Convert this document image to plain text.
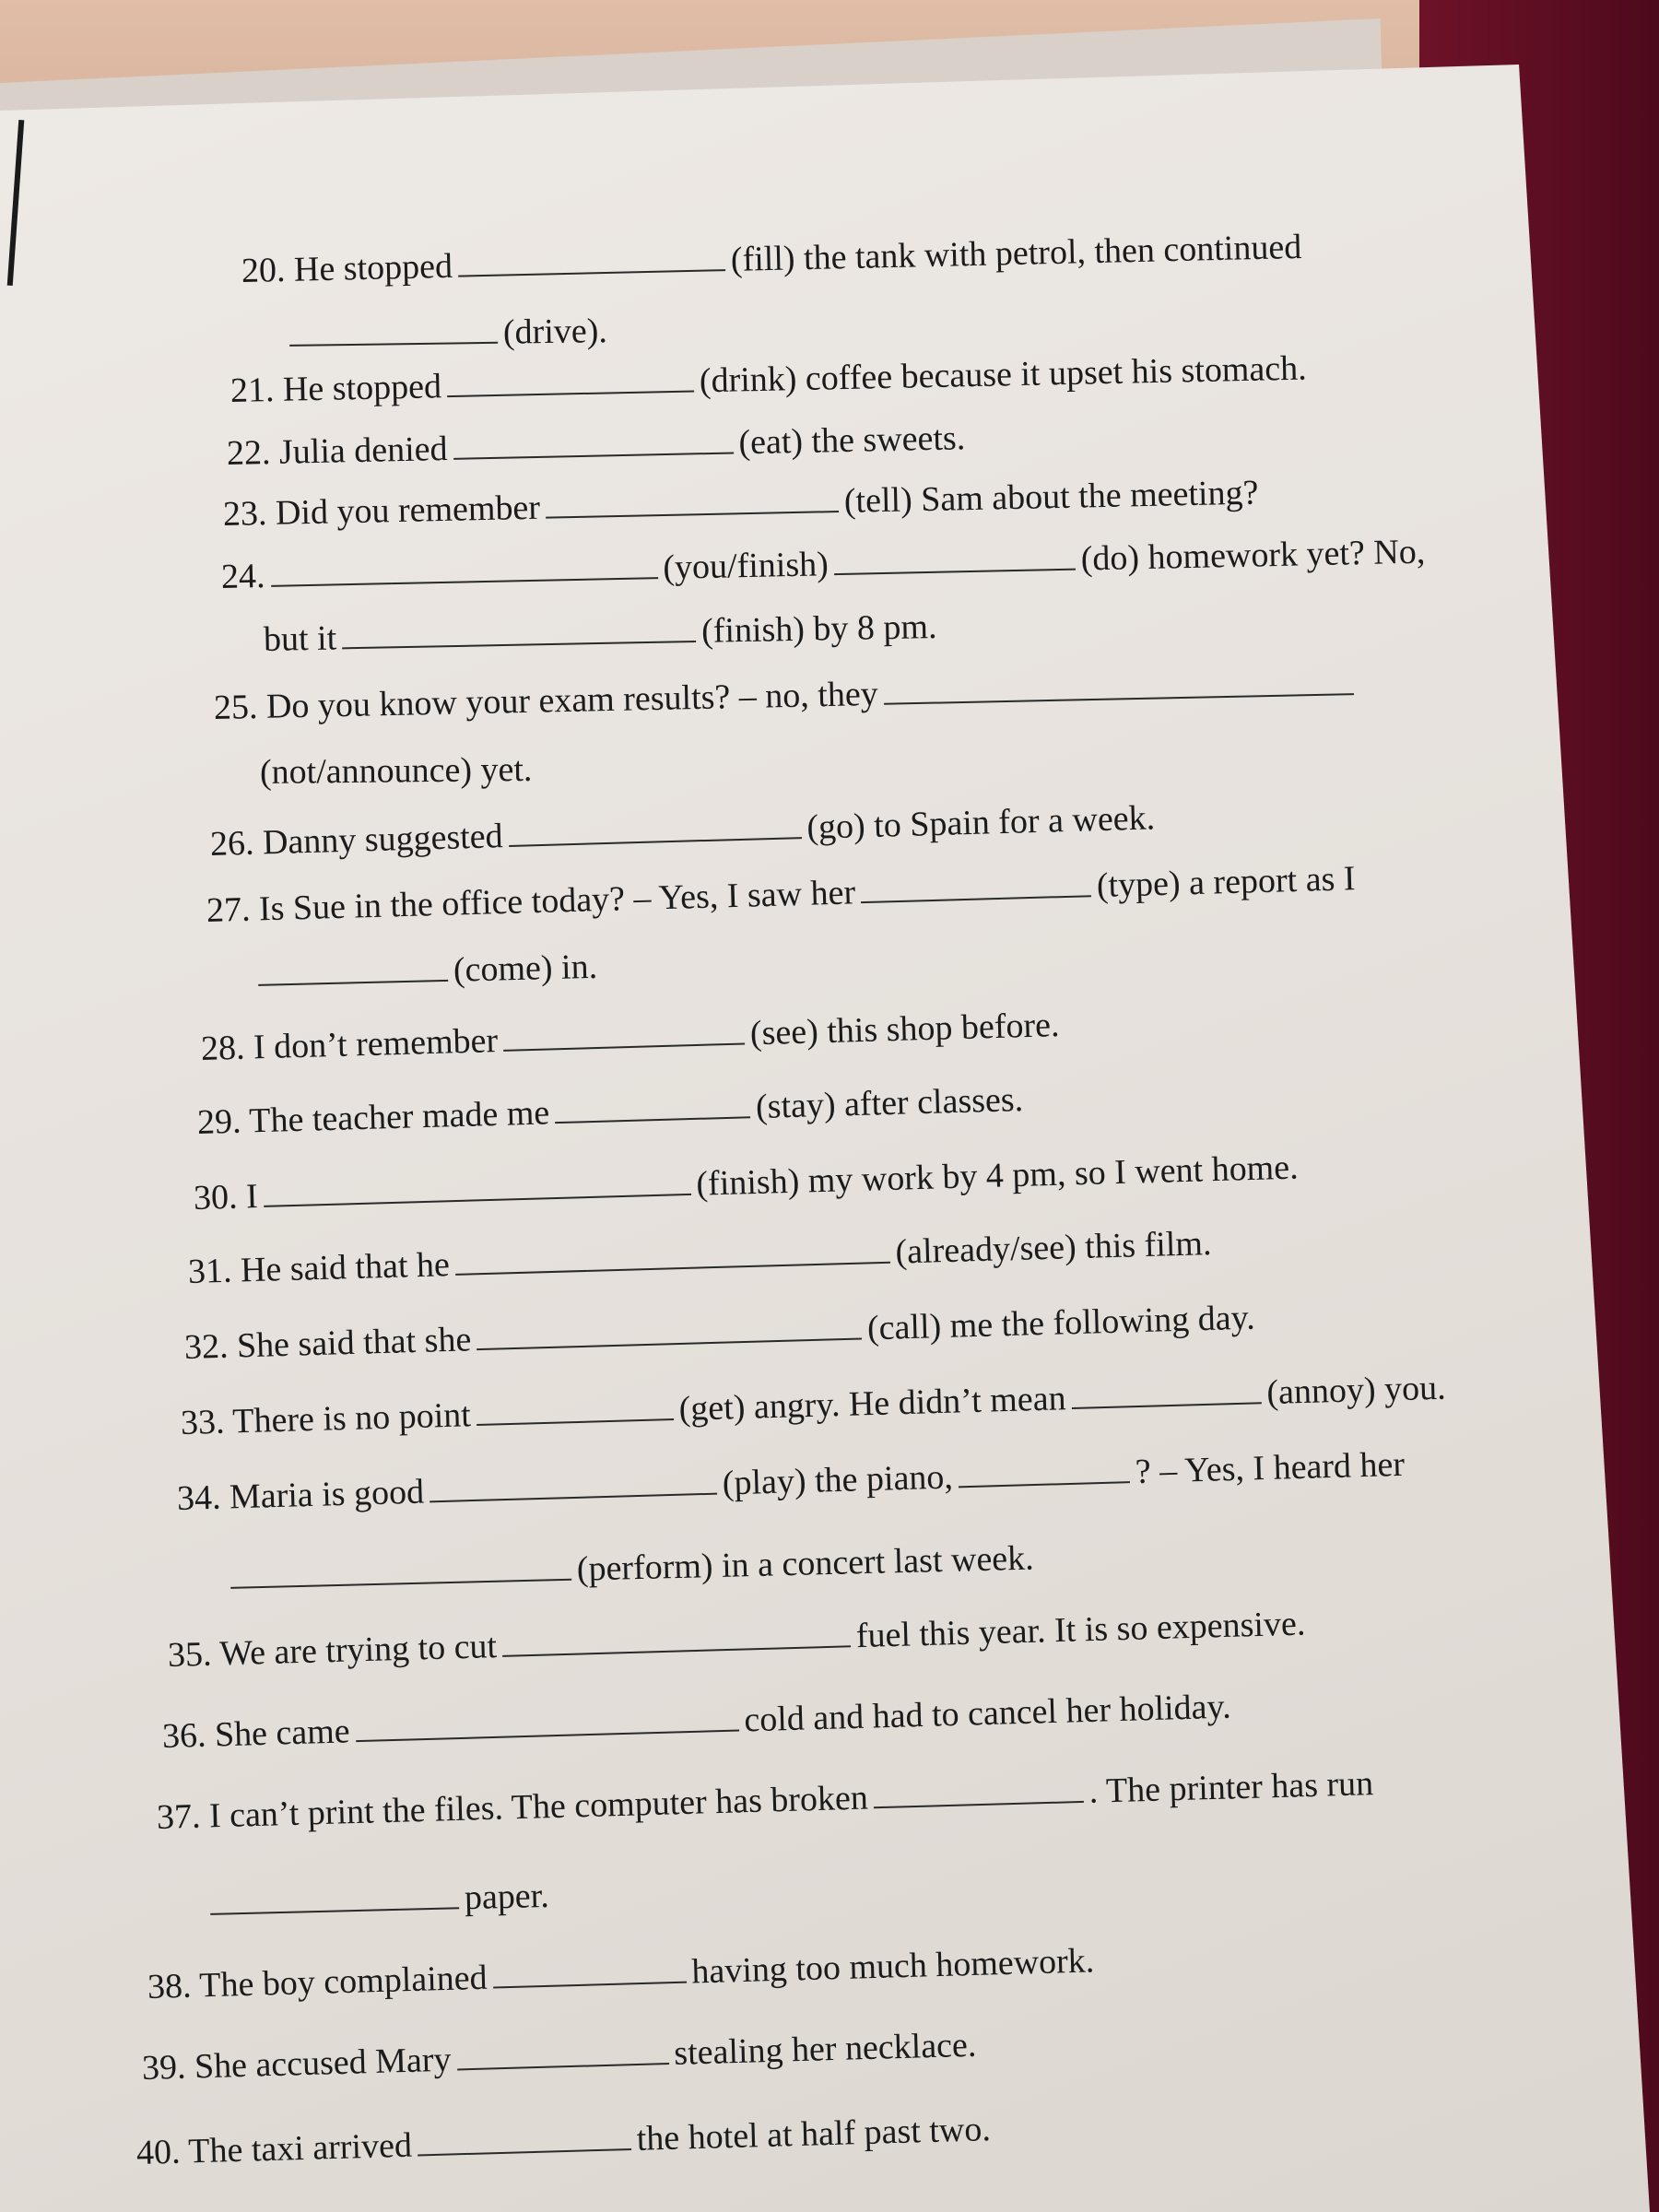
20. He stopped	(fill) the tank with petrol, then continued
(drive).
21. He stopped	(drink) coffee because it upset his stomach.
22. Julia denied	(eat) the sweets.
23. Did you remember	(tell) Sam about the meeting?
24.	(you/finish)	(do) homework yet? No,
but it	(finish) by 8 pm.
25. Do you know your exam results? – no, they
(not/announce) yet.
26. Danny suggested	(go) to Spain for a week.
27. Is Sue in the office today? – Yes, I saw her	(type) a report as I
(come) in.
28. I don’t remember	(see) this shop before.
29. The teacher made me	(stay) after classes.
30. I	(finish) my work by 4 pm, so I went home.
31. He said that he	(already/see) this film.
32. She said that she	(call) me the following day.
33. There is no point	(get) angry. He didn’t mean	(annoy) you.
34. Maria is good	(play) the piano,	? – Yes, I heard her
(perform) in a concert last week.
35. We are trying to cut	fuel this year. It is so expensive.
36. She came	cold and had to cancel her holiday.
37. I can’t print the files. The computer has broken	. The printer has run
paper.
38. The boy complained	having too much homework.
39. She accused Mary	stealing her necklace.
40. The taxi arrived	the hotel at half past two.
